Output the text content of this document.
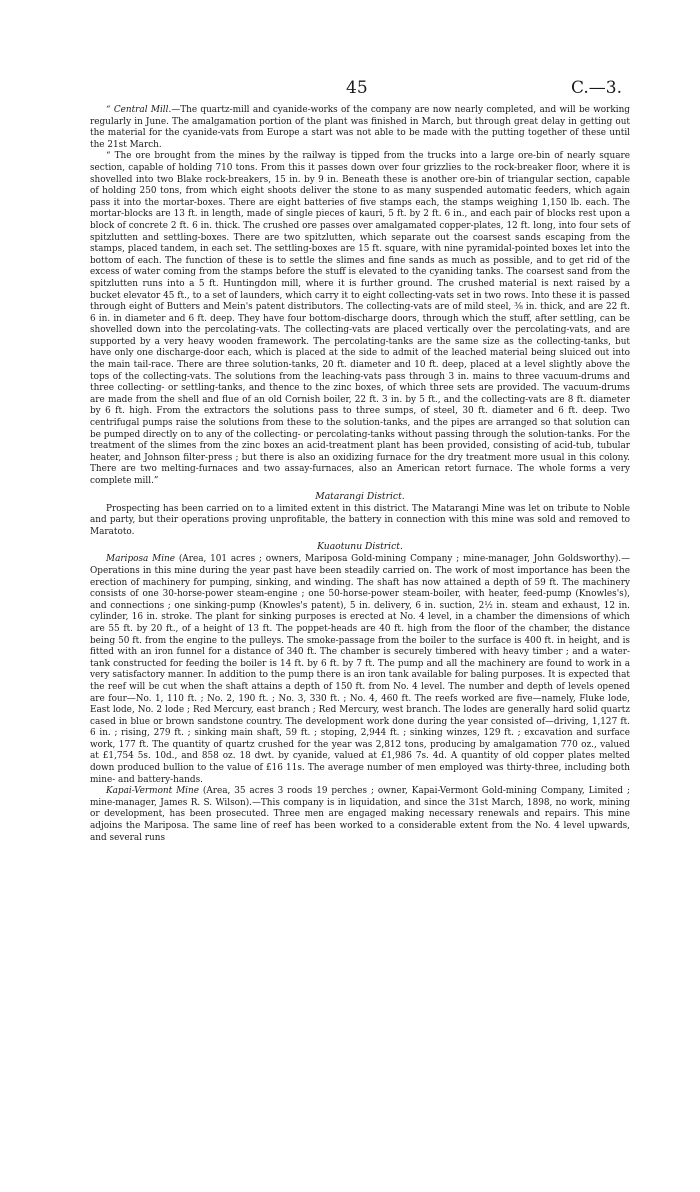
45	C.—3.

“ Central Mill.—The quartz-mill and cyanide-works of the company are now nearly completed, and will be working regularly in June. The amalgamation portion of the plant was finished in March, but through great delay in getting out the material for the cyanide-vats from Europe a start was not able to be made with the putting together of these until the 21st March.

“ The ore brought from the mines by the railway is tipped from the trucks into a large ore-bin of nearly square section, capable of holding 710 tons. From this it passes down over four grizzlies to the rock-breaker floor, where it is shovelled into two Blake rock-breakers, 15 in. by 9 in. Beneath these is another ore-bin of triangular section, capable of holding 250 tons, from which eight shoots deliver the stone to as many suspended automatic feeders, which again pass it into the mortar-boxes. There are eight batteries of five stamps each, the stamps weighing 1,150 lb. each. The mortar-blocks are 13 ft. in length, made of single pieces of kauri, 5 ft. by 2 ft. 6 in., and each pair of blocks rest upon a block of concrete 2 ft. 6 in. thick. The crushed ore passes over amalgamated copper-plates, 12 ft. long, into four sets of spitzlutten and settling-boxes. There are two spitzlutten, which separate out the coarsest sands escaping from the stamps, placed tandem, in each set. The settling-boxes are 15 ft. square, with nine pyramidal-pointed boxes let into the bottom of each. The function of these is to settle the slimes and fine sands as much as possible, and to get rid of the excess of water coming from the stamps before the stuff is elevated to the cyaniding tanks. The coarsest sand from the spitzlutten runs into a 5 ft. Huntingdon mill, where it is further ground. The crushed material is next raised by a bucket elevator 45 ft., to a set of launders, which carry it to eight collecting-vats set in two rows. Into these it is passed through eight of Butters and Mein's patent distributors. The collecting-vats are of mild steel, ⅜ in. thick, and are 22 ft. 6 in. in diameter and 6 ft. deep. They have four bottom-discharge doors, through which the stuff, after settling, can be shovelled down into the percolating-vats. The collecting-vats are placed vertically over the percolating-vats, and are supported by a very heavy wooden framework. The percolating-tanks are the same size as the collecting-tanks, but have only one discharge-door each, which is placed at the side to admit of the leached material being sluiced out into the main tail-race. There are three solution-tanks, 20 ft. diameter and 10 ft. deep, placed at a level slightly above the tops of the collecting-vats. The solutions from the leaching-vats pass through 3 in. mains to three vacuum-drums and three collecting- or settling-tanks, and thence to the zinc boxes, of which three sets are provided. The vacuum-drums are made from the shell and flue of an old Cornish boiler, 22 ft. 3 in. by 5 ft., and the collecting-vats are 8 ft. diameter by 6 ft. high. From the extractors the solutions pass to three sumps, of steel, 30 ft. diameter and 6 ft. deep. Two centrifugal pumps raise the solutions from these to the solution-tanks, and the pipes are arranged so that solution can be pumped directly on to any of the collecting- or percolating-tanks without passing through the solution-tanks. For the treatment of the slimes from the zinc boxes an acid-treatment plant has been provided, consisting of acid-tub, tubular heater, and Johnson filter-press ; but there is also an oxidizing furnace for the dry treatment more usual in this colony. There are two melting-furnaces and two assay-furnaces, also an American retort furnace. The whole forms a very complete mill.”

Matarangi District.

Prospecting has been carried on to a limited extent in this district. The Matarangi Mine was let on tribute to Noble and party, but their operations proving unprofitable, the battery in connection with this mine was sold and removed to Maratoto.

Kuaotunu District.

Mariposa Mine (Area, 101 acres ; owners, Mariposa Gold-mining Company ; mine-manager, John Goldsworthy).—Operations in this mine during the year past have been steadily carried on. The work of most importance has been the erection of machinery for pumping, sinking, and winding. The shaft has now attained a depth of 59 ft. The machinery consists of one 30-horse-power steam-engine ; one 50-horse-power steam-boiler, with heater, feed-pump (Knowles's), and connections ; one sinking-pump (Knowles's patent), 5 in. delivery, 6 in. suction, 2½ in. steam and exhaust, 12 in. cylinder, 16 in. stroke. The plant for sinking purposes is erected at No. 4 level, in a chamber the dimensions of which are 55 ft. by 20 ft., of a height of 13 ft. The poppet-heads are 40 ft. high from the floor of the chamber, the distance being 50 ft. from the engine to the pulleys. The smoke-passage from the boiler to the surface is 400 ft. in height, and is fitted with an iron funnel for a distance of 340 ft. The chamber is securely timbered with heavy timber ; and a water-tank constructed for feeding the boiler is 14 ft. by 6 ft. by 7 ft. The pump and all the machinery are found to work in a very satisfactory manner. In addition to the pump there is an iron tank available for baling purposes. It is expected that the reef will be cut when the shaft attains a depth of 150 ft. from No. 4 level. The number and depth of levels opened are four—No. 1, 110 ft. ; No. 2, 190 ft. ; No. 3, 330 ft. ; No. 4, 460 ft. The reefs worked are five—namely, Fluke lode, East lode, No. 2 lode ; Red Mercury, east branch ; Red Mercury, west branch. The lodes are generally hard solid quartz cased in blue or brown sandstone country. The development work done during the year consisted of—driving, 1,127 ft. 6 in. ; rising, 279 ft. ; sinking main shaft, 59 ft. ; stoping, 2,944 ft. ; sinking winzes, 129 ft. ; excavation and surface work, 177 ft. The quantity of quartz crushed for the year was 2,812 tons, producing by amalgamation 770 oz., valued at £1,754 5s. 10d., and 858 oz. 18 dwt. by cyanide, valued at £1,986 7s. 4d. A quantity of old copper plates melted down produced bullion to the value of £16 11s. The average number of men employed was thirty-three, including both mine- and battery-hands.

Kapai-Vermont Mine (Area, 35 acres 3 roods 19 perches ; owner, Kapai-Vermont Gold-mining Company, Limited ; mine-manager, James R. S. Wilson).—This company is in liquidation, and since the 31st March, 1898, no work, mining or development, has been prosecuted. Three men are engaged making necessary renewals and repairs. This mine adjoins the Mariposa. The same line of reef has been worked to a considerable extent from the No. 4 level upwards, and several runs
